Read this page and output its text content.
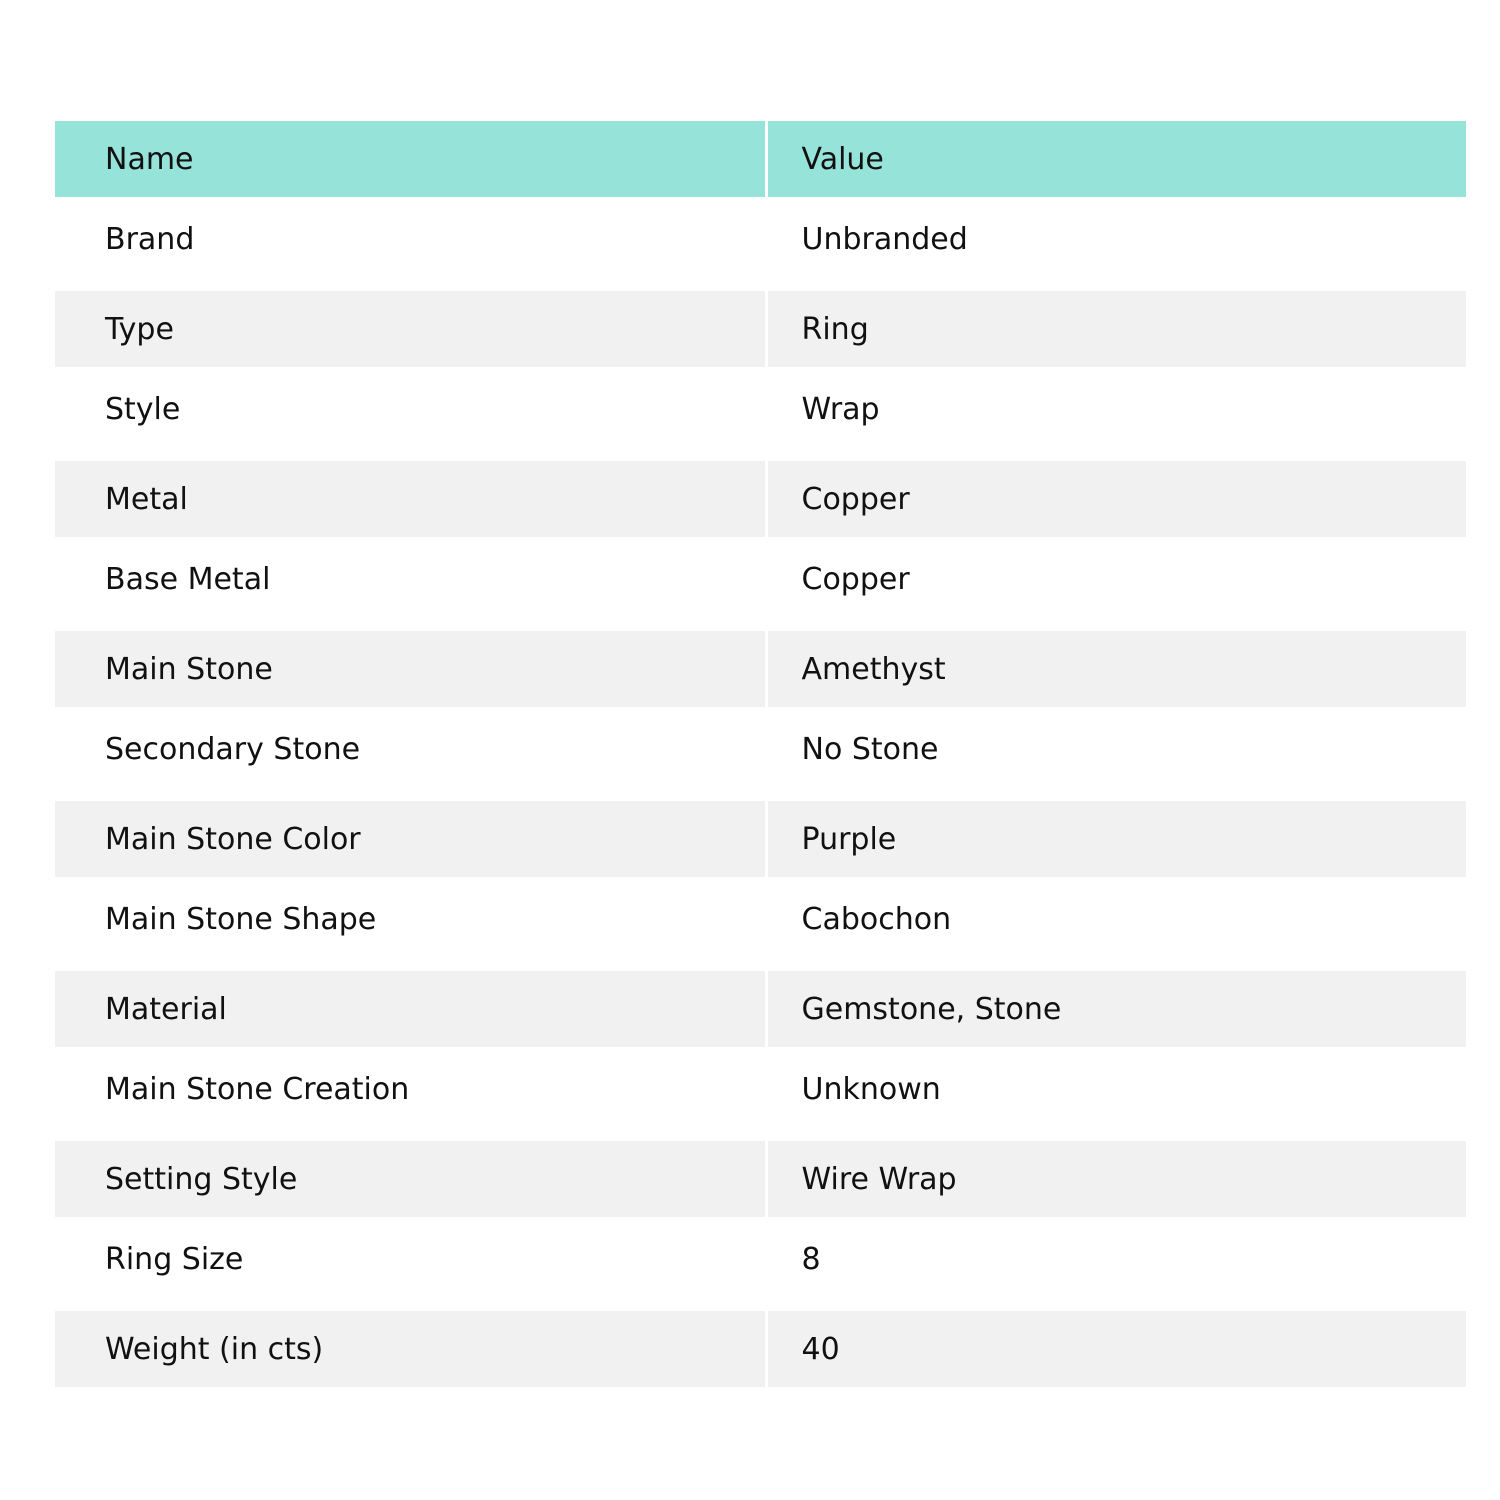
Name	Value
Brand	Unbranded
Type	Ring
Style	Wrap
Metal	Copper
Base Metal	Copper
Main Stone	Amethyst
Secondary Stone	No Stone
Main Stone Color	Purple
Main Stone Shape	Cabochon
Material	Gemstone, Stone
Main Stone Creation	Unknown
Setting Style	Wire Wrap
Ring Size	8
Weight (in cts)	40
